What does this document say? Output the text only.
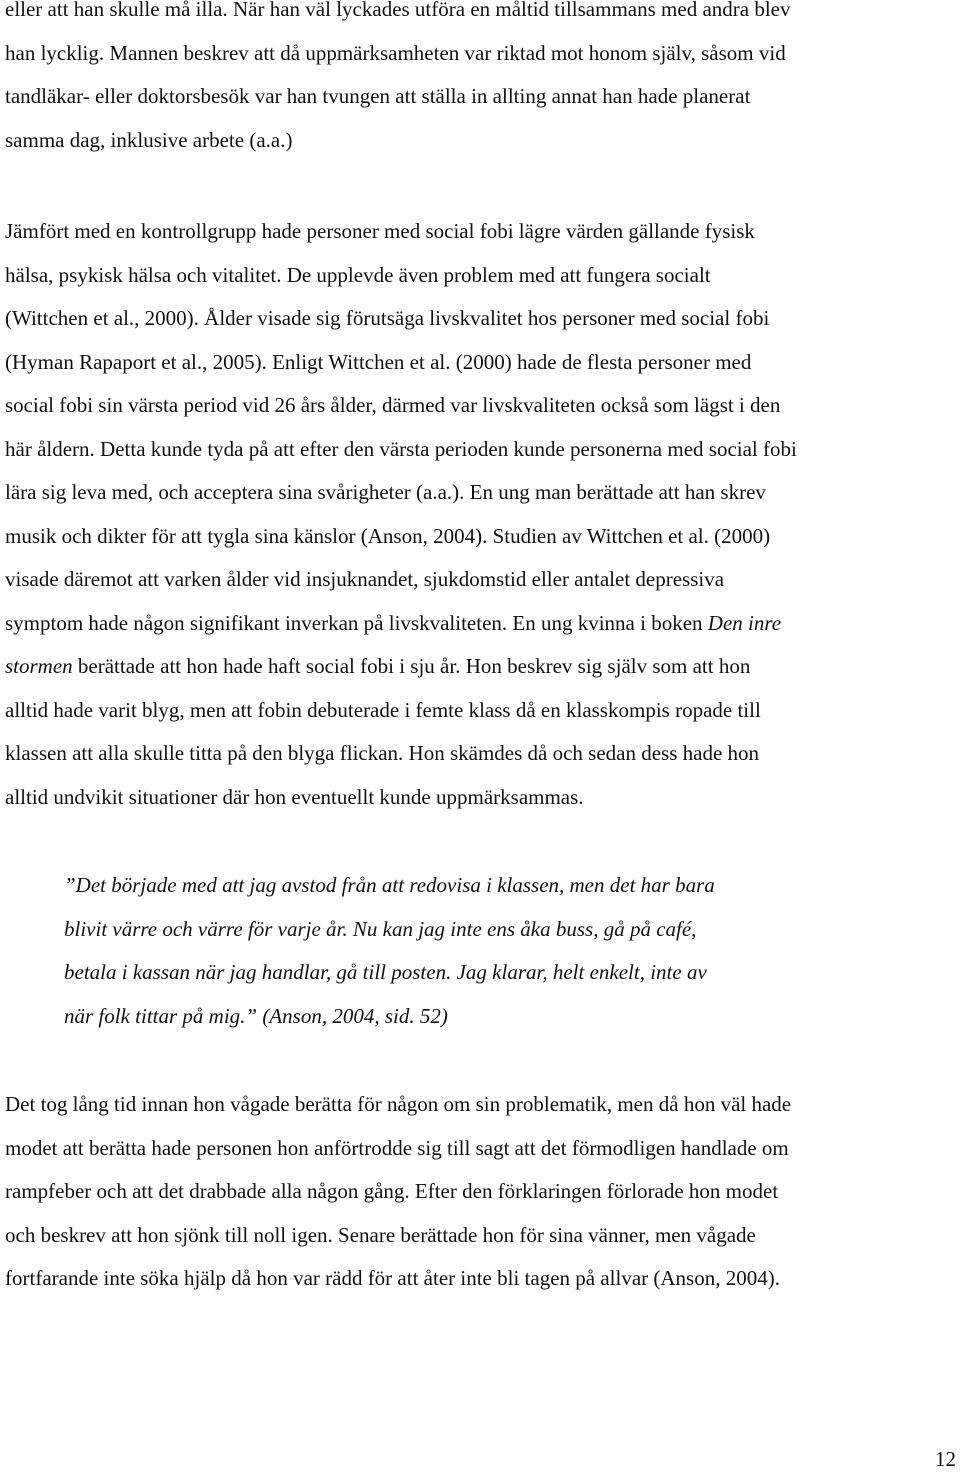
eller att han skulle må illa. När han väl lyckades utföra en måltid tillsammans med andra blev
han lycklig. Mannen beskrev att då uppmärksamheten var riktad mot honom själv, såsom vid
tandläkar- eller doktorsbesök var han tvungen att ställa in allting annat han hade planerat
samma dag, inklusive arbete (a.a.)

Jämfört med en kontrollgrupp hade personer med social fobi lägre värden gällande fysisk
hälsa, psykisk hälsa och vitalitet. De upplevde även problem med att fungera socialt
(Wittchen et al., 2000). Ålder visade sig förutsäga livskvalitet hos personer med social fobi
(Hyman Rapaport et al., 2005). Enligt Wittchen et al. (2000) hade de flesta personer med
social fobi sin värsta period vid 26 års ålder, därmed var livskvaliteten också som lägst i den
här åldern. Detta kunde tyda på att efter den värsta perioden kunde personerna med social fobi
lära sig leva med, och acceptera sina svårigheter (a.a.). En ung man berättade att han skrev
musik och dikter för att tygla sina känslor (Anson, 2004). Studien av Wittchen et al. (2000)
visade däremot att varken ålder vid insjuknandet, sjukdomstid eller antalet depressiva
symptom hade någon signifikant inverkan på livskvaliteten. En ung kvinna i boken Den inre
stormen berättade att hon hade haft social fobi i sju år. Hon beskrev sig själv som att hon
alltid hade varit blyg, men att fobin debuterade i femte klass då en klasskompis ropade till
klassen att alla skulle titta på den blyga flickan. Hon skämdes då och sedan dess hade hon
alltid undvikit situationer där hon eventuellt kunde uppmärksammas.

”Det började med att jag avstod från att redovisa i klassen, men det har bara
blivit värre och värre för varje år. Nu kan jag inte ens åka buss, gå på café,
betala i kassan när jag handlar, gå till posten. Jag klarar, helt enkelt, inte av
när folk tittar på mig.” (Anson, 2004, sid. 52)

Det tog lång tid innan hon vågade berätta för någon om sin problematik, men då hon väl hade
modet att berätta hade personen hon anförtrodde sig till sagt att det förmodligen handlade om
rampfeber och att det drabbade alla någon gång. Efter den förklaringen förlorade hon modet
och beskrev att hon sjönk till noll igen. Senare berättade hon för sina vänner, men vågade
fortfarande inte söka hjälp då hon var rädd för att åter inte bli tagen på allvar (Anson, 2004).

12
